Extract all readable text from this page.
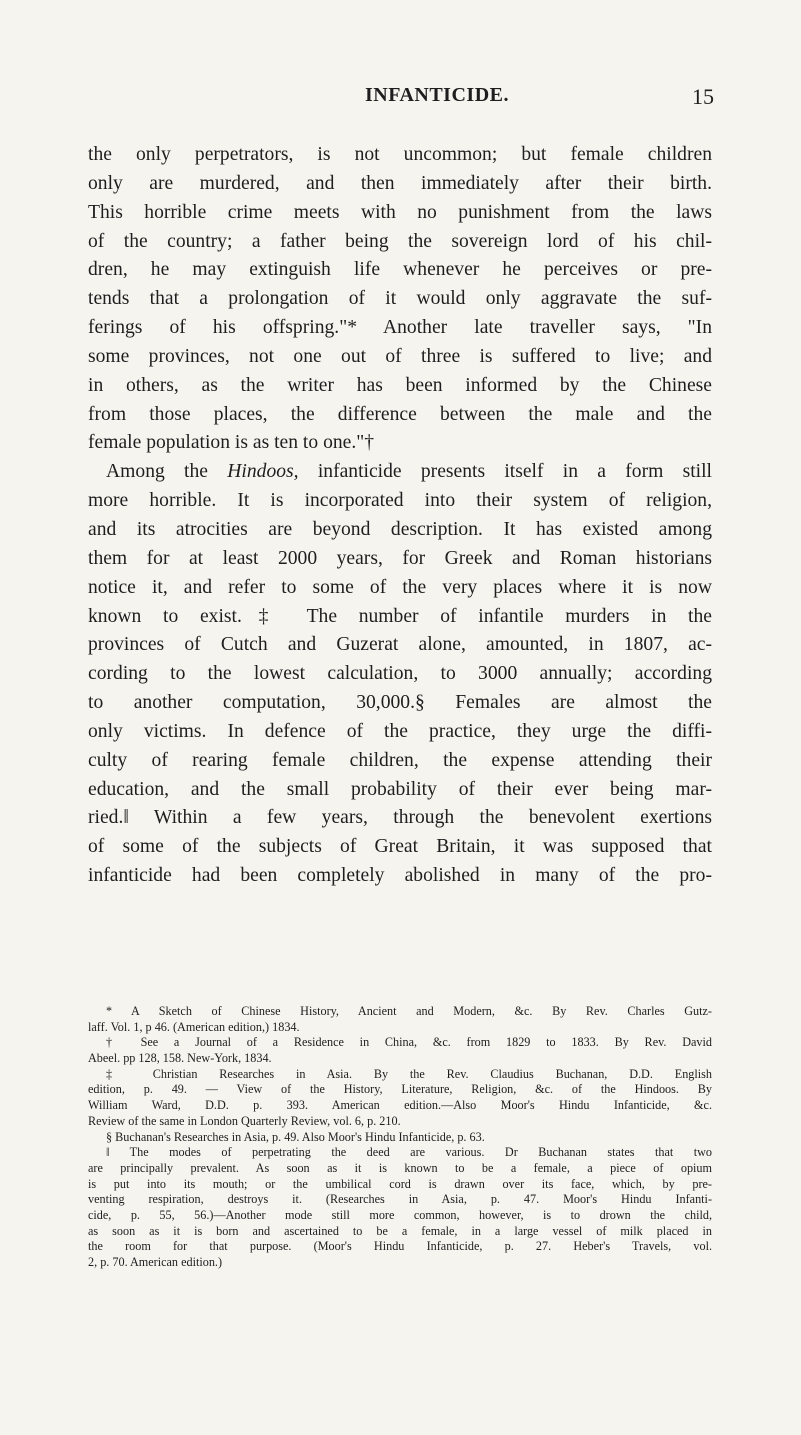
INFANTICIDE.	15
the only perpetrators, is not uncommon; but female children
only are murdered, and then immediately after their birth.
This horrible crime meets with no punishment from the laws
of the country; a father being the sovereign lord of his chil-
dren, he may extinguish life whenever he perceives or pre-
tends that a prolongation of it would only aggravate the suf-
ferings of his offspring."* Another late traveller says, "In
some provinces, not one out of three is suffered to live; and
in others, as the writer has been informed by the Chinese
from those places, the difference between the male and the
female population is as ten to one."†
Among the Hindoos, infanticide presents itself in a form still
more horrible. It is incorporated into their system of religion,
and its atrocities are beyond description. It has existed among
them for at least 2000 years, for Greek and Roman historians
notice it, and refer to some of the very places where it is now
known to exist.‡ The number of infantile murders in the
provinces of Cutch and Guzerat alone, amounted, in 1807, ac-
cording to the lowest calculation, to 3000 annually; according
to another computation, 30,000.§ Females are almost the
only victims. In defence of the practice, they urge the diffi-
culty of rearing female children, the expense attending their
education, and the small probability of their ever being mar-
ried.‖ Within a few years, through the benevolent exertions
of some of the subjects of Great Britain, it was supposed that
infanticide had been completely abolished in many of the pro-
* A Sketch of Chinese History, Ancient and Modern, &c. By Rev. Charles Gutz-
laff. Vol. 1, p 46. (American edition,) 1834.
† See a Journal of a Residence in China, &c. from 1829 to 1833. By Rev. David
Abeel. pp 128, 158. New-York, 1834.
‡ Christian Researches in Asia. By the Rev. Claudius Buchanan, D.D. English
edition, p. 49. — View of the History, Literature, Religion, &c. of the Hindoos. By
William Ward, D.D. p. 393. American edition.—Also Moor's Hindu Infanticide, &c.
Review of the same in London Quarterly Review, vol. 6, p. 210.
§ Buchanan's Researches in Asia, p. 49. Also Moor's Hindu Infanticide, p. 63.
‖ The modes of perpetrating the deed are various. Dr Buchanan states that two
are principally prevalent. As soon as it is known to be a female, a piece of opium
is put into its mouth; or the umbilical cord is drawn over its face, which, by pre-
venting respiration, destroys it. (Researches in Asia, p. 47. Moor's Hindu Infanti-
cide, p. 55, 56.)—Another mode still more common, however, is to drown the child,
as soon as it is born and ascertained to be a female, in a large vessel of milk placed in
the room for that purpose. (Moor's Hindu Infanticide, p. 27. Heber's Travels, vol.
2, p. 70. American edition.)
